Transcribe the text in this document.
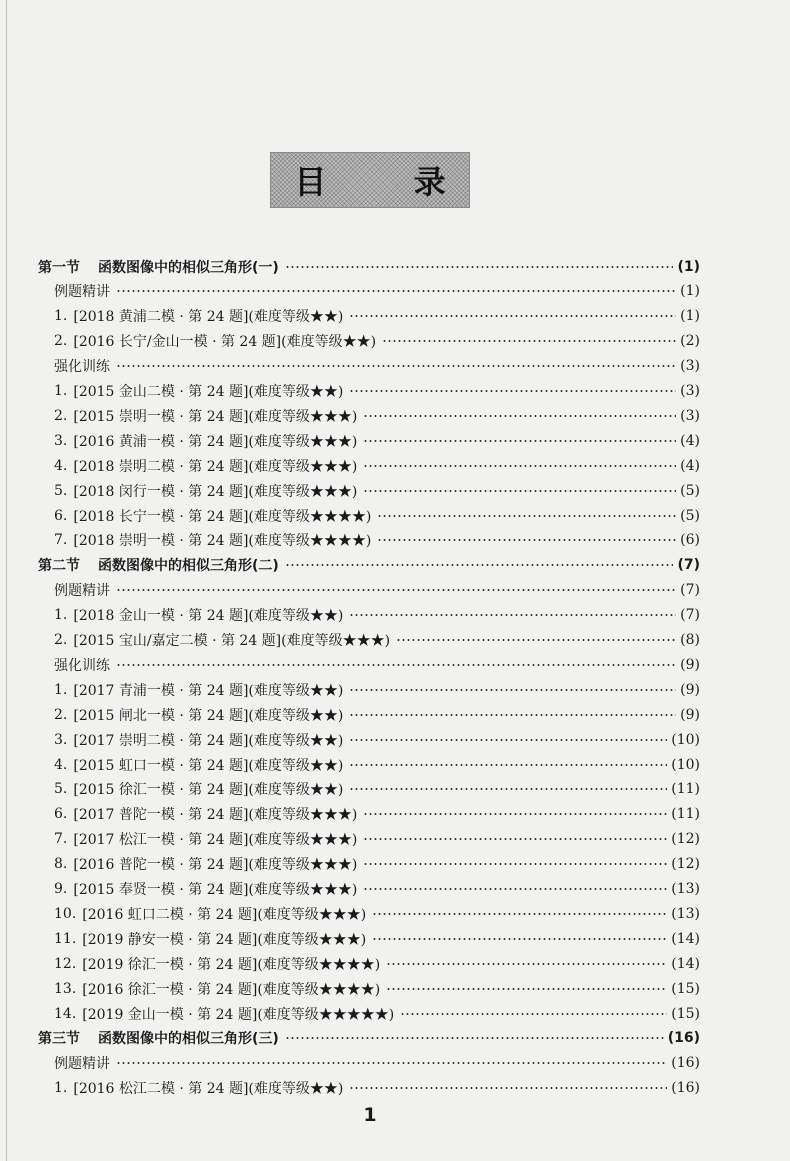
目 录
第一节 函数图像中的相似三角形(一)	(1)
例题精讲	(1)
1. [2018 黄浦二模 · 第 24 题](难度等级★★)	(1)
2. [2016 长宁/金山一模 · 第 24 题](难度等级★★)	(2)
强化训练	(3)
1. [2015 金山二模 · 第 24 题](难度等级★★)	(3)
2. [2015 崇明一模 · 第 24 题](难度等级★★★)	(3)
3. [2016 黄浦一模 · 第 24 题](难度等级★★★)	(4)
4. [2018 崇明二模 · 第 24 题](难度等级★★★)	(4)
5. [2018 闵行一模 · 第 24 题](难度等级★★★)	(5)
6. [2018 长宁一模 · 第 24 题](难度等级★★★★)	(5)
7. [2018 崇明一模 · 第 24 题](难度等级★★★★)	(6)
第二节 函数图像中的相似三角形(二)	(7)
例题精讲	(7)
1. [2018 金山一模 · 第 24 题](难度等级★★)	(7)
2. [2015 宝山/嘉定二模 · 第 24 题](难度等级★★★)	(8)
强化训练	(9)
1. [2017 青浦一模 · 第 24 题](难度等级★★)	(9)
2. [2015 闸北一模 · 第 24 题](难度等级★★)	(9)
3. [2017 崇明二模 · 第 24 题](难度等级★★)	(10)
4. [2015 虹口一模 · 第 24 题](难度等级★★)	(10)
5. [2015 徐汇一模 · 第 24 题](难度等级★★)	(11)
6. [2017 普陀一模 · 第 24 题](难度等级★★★)	(11)
7. [2017 松江一模 · 第 24 题](难度等级★★★)	(12)
8. [2016 普陀一模 · 第 24 题](难度等级★★★)	(12)
9. [2015 奉贤一模 · 第 24 题](难度等级★★★)	(13)
10. [2016 虹口二模 · 第 24 题](难度等级★★★)	(13)
11. [2019 静安一模 · 第 24 题](难度等级★★★)	(14)
12. [2019 徐汇一模 · 第 24 题](难度等级★★★★)	(14)
13. [2016 徐汇一模 · 第 24 题](难度等级★★★★)	(15)
14. [2019 金山一模 · 第 24 题](难度等级★★★★★)	(15)
第三节 函数图像中的相似三角形(三)	(16)
例题精讲	(16)
1. [2016 松江二模 · 第 24 题](难度等级★★)	(16)
1
